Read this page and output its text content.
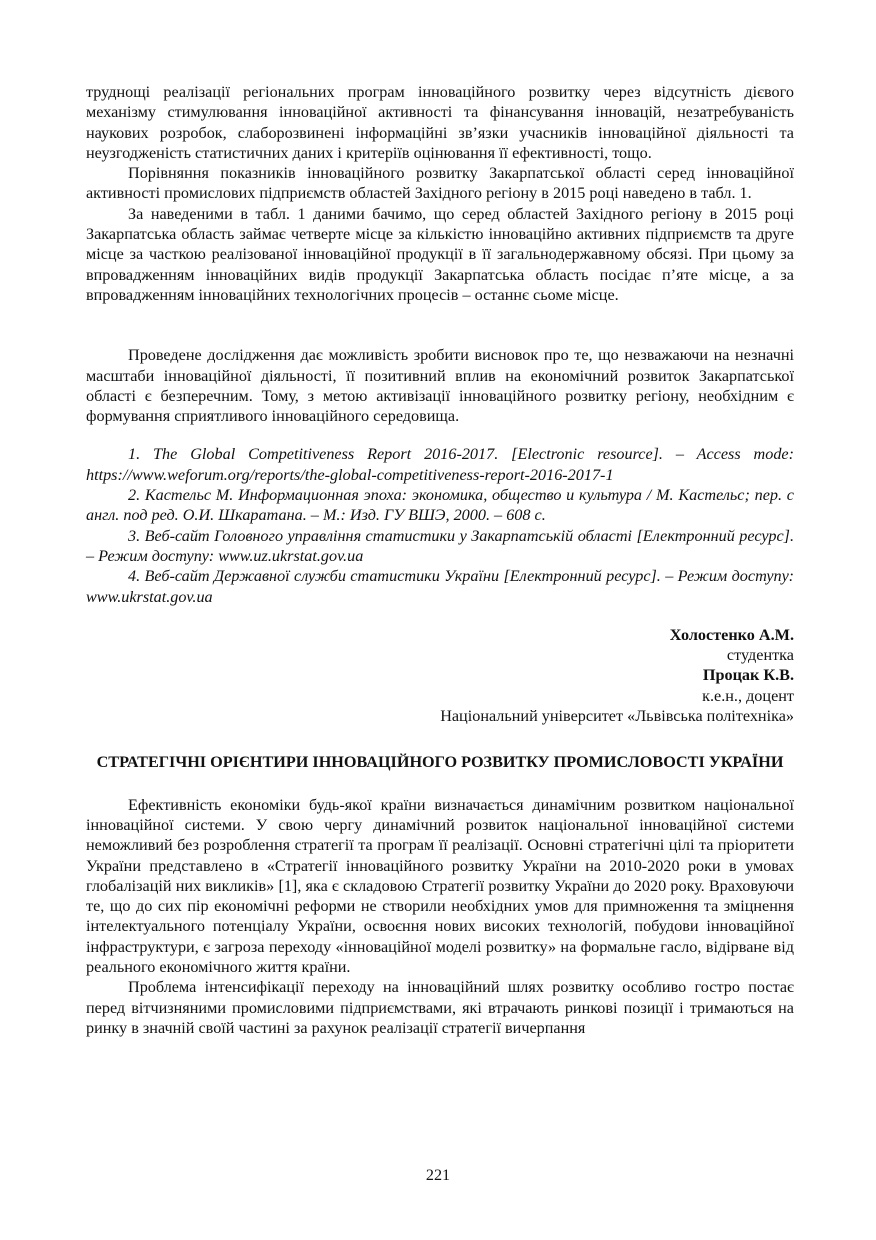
труднощі реалізації регіональних програм інноваційного розвитку через відсутність дієвого механізму стимулювання інноваційної активності та фінансування інновацій, незатребуваність наукових розробок, слаборозвинені інформаційні зв’язки учасників інноваційної діяльності та неузгодженість статистичних даних і критеріїв оцінювання її ефективності, тощо.

Порівняння показників інноваційного розвитку Закарпатської області серед інноваційної активності промислових підприємств областей Західного регіону в 2015 році наведено в табл. 1.

За наведеними в табл. 1 даними бачимо, що серед областей Західного регіону в 2015 році Закарпатська область займає четверте місце за кількістю інноваційно активних підприємств та друге місце за часткою реалізованої інноваційної продукції в її загальнодержавному обсязі. При цьому за впровадженням інноваційних видів продукції Закарпатська область посідає п’яте місце, а за впровадженням інноваційних технологічних процесів – останнє сьоме місце.

Проведене дослідження дає можливість зробити висновок про те, що незважаючи на незначні масштаби інноваційної діяльності, її позитивний вплив на економічний розвиток Закарпатської області є безперечним. Тому, з метою активізації інноваційного розвитку регіону, необхідним є формування сприятливого інноваційного середовища.

1. The Global Competitiveness Report 2016-2017. [Electronic resource]. – Access mode: https://www.weforum.org/reports/the-global-competitiveness-report-2016-2017-1

2. Кастельс М. Информационная эпоха: экономика, общество и культура / М. Кастельс; пер. с англ. под ред. О.И. Шкаратана. – М.: Изд. ГУ ВШЭ, 2000. – 608 с.

3. Веб-сайт Головного управління статистики у Закарпатській області [Електронний ресурс]. – Режим доступу: www.uz.ukrstat.gov.ua

4. Веб-сайт Державної служби статистики України [Електронний ресурс]. – Режим доступу: www.ukrstat.gov.ua

Холостенко А.М.
студентка
Процак К.В.
к.е.н., доцент
Національний університет «Львівська політехніка»
СТРАТЕГІЧНІ ОРІЄНТИРИ ІННОВАЦІЙНОГО РОЗВИТКУ ПРОМИСЛОВОСТІ УКРАЇНИ

Ефективність економіки будь-якої країни визначається динамічним розвитком національної інноваційної системи. У свою чергу динамічний розвиток національної інноваційної системи неможливий без розроблення стратегії та програм її реалізації. Основні стратегічні цілі та пріоритети України представлено в «Стратегії інноваційного розвитку України на 2010-2020 роки в умовах глобалізацій них викликів» [1], яка є складовою Стратегії розвитку України до 2020 року. Враховуючи те, що до сих пір економічні реформи не створили необхідних умов для примноження та зміцнення інтелектуального потенціалу України, освоєння нових високих технологій, побудови інноваційної інфраструктури, є загроза переходу «інноваційної моделі розвитку» на формальне гасло, відірване від реального економічного життя країни.

Проблема інтенсифікації переходу на інноваційний шлях розвитку особливо гостро постає перед вітчизняними промисловими підприємствами, які втрачають ринкові позиції і тримаються на ринку в значній своїй частині за рахунок реалізації стратегії вичерпання

221
